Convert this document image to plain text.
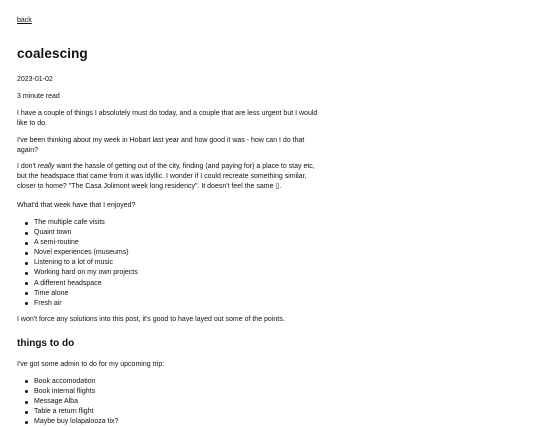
back
coalescing
2023-01-02
3 minute read

I have a couple of things I absolutely must do today, and a couple that are less urgent but I would like to do.

I've been thinking about my week in Hobart last year and how good it was - how can I do that again?

I don't really want the hassle of getting out of the city, finding (and paying for) a place to stay etc, but the headspace that came from it was idyllic. I wonder if I could recreate something similar, closer to home? "The Casa Jolimont week long residency". It doesn't feel the same ▯.

What'd that week have that I enjoyed?

The multiple cafe visits
Quaint town
A semi-routine
Novel experiences (museums)
Listening to a lot of music
Working hard on my own projects
A different headspace
Time alone
Fresh air

I won't force any solutions into this post, it's good to have layed out some of the points.

things to do

I've got some admin to do for my upcoming trip:

Book accomodation
Book internal flights
Message Alba
Table a return flight
Maybe buy lolapalooza tix?
